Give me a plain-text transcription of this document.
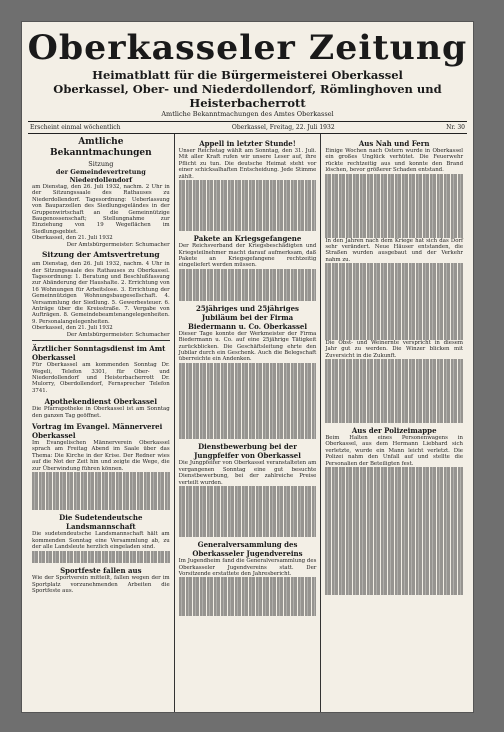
Oberkasseler Zeitung
Heimatblatt für die Bürgermeisterei Oberkassel
Oberkassel, Ober- und Niederdollendorf, Römlinghoven und Heisterbacherrott
Amtliche Bekanntmachungen des Amtes Oberkassel
Erscheint einmal wöchentlich	Oberkassel, Freitag, 22. Juli 1932	Nr. 30
Amtliche Bekanntmachungen
Sitzung
der Gemeindevertretung Niederdollendorf

am Dienstag, den 26. Juli 1932, nachm. 2 Uhr in der Sitzungssaale des Rathauses zu Niederdollendorf. Tagesordnung: Ueberlassung von Bauparzellen des Siedlungsgeländes in der Gruppenwirtschaft an die Gemeinnützige Baugenossenschaft; Stellungnahme zur Einziehung von 19 Wegeflächen im Siedlungsgebiet.

Oberkassel, den 21. Juli 1932
Der Amtsbürgermeister: Schumacher
Sitzung der Amtsvertretung

am Dienstag, den 26. Juli 1932, nachm. 4 Uhr in der Sitzungssaale des Rathauses zu Oberkassel. Tagesordnung: 1. Beratung und Beschlußfassung zur Abänderung der Haushalte. 2. Errichtung von 16 Wohnungen für Arbeitslose. 3. Errichtung der Gemeinnützigen Wohnungsbaugesellschaft. 4. Versammlung der Siedlung. 5. Gewerbesteuer. 6. Anträge über die Kreisstraße. 7. Vergabe von Aufträgen. 8. Gemeindebeamtenangelegenheiten. 9. Personalangelegenheiten.

Oberkassel, den 21. Juli 1932
Der Amtsbürgermeister: Schumacher
Ärztlicher Sonntagsdienst im Amt Oberkassel

Für Oberkassel am kommenden Sonntag Dr. Wegeli, Telefon 3301, für Ober- und Niederdollendorf und Heisterbacherrott Dr. Mulorry, Oberdollendorf, Fernsprecher Telefon 3741.

Apothekendienst Oberkassel

Die Pfarrapotheke in Oberkassel ist am Sonntag den ganzen Tag geöffnet.

Vortrag im Evangel. Männerverei Oberkassel

Im Evangelischen Männerverein Oberkassel sprach am Freitag Abend im Saale über das Thema: Die Kirche in der Krise. Der Redner wies auf die Not der Zeit hin und zeigte die Wege, die zur Überwindung führen können.

Die Sudetendeutsche Landsmannschaft

Die sudetendeutsche Landsmannschaft hält am kommenden Sonntag eine Versammlung ab, zu der alle Landsleute herzlich eingeladen sind.

Sportfeste fallen aus

Wie der Sportverein mitteilt, fallen wegen der im Sportplatz vorzunehmenden Arbeiten die Sportfeste aus.

Appell in letzter Stunde!

Unser Reichstag wählt am Sonntag, den 31. Juli. Mit aller Kraft rufen wir unsere Leser auf, ihre Pflicht zu tun. Die deutsche Heimat steht vor einer schicksalhaften Entscheidung. Jede Stimme zählt.

Pakete an Kriegsgefangene

Der Reichsverband der Kriegsbeschädigten und Kriegsteilnehmer macht darauf aufmerksam, daß Pakete an Kriegsgefangene rechtzeitig eingeliefert werden müssen.

25jähriges und 25jähriges Jubiläum bei der Firma Biedermann u. Co. Oberkassel

Dieser Tage konnte der Werkmeister der Firma Biedermann u. Co. auf eine 25jährige Tätigkeit zurückblicken. Die Geschäftsleitung ehrte den Jubilar durch ein Geschenk. Auch die Belegschaft überreichte ein Andenken.

Dienstbewerbung bei der Jungpfeifer von Oberkassel

Die Jungpfeifer von Oberkassel veranstalteten am vergangenen Sonntag eine gut besuchte Dienstbewerbung, bei der zahlreiche Preise verteilt wurden.

Generalversammlung des Oberkasseler Jugendvereins

Im Jugendheim fand die Generalversammlung des Oberkasseler Jugendvereins statt. Der Vorsitzende erstattete den Jahresbericht.

Aus Nah und Fern

Einige Wochen nach Ostern wurde in Oberkassel ein großes Unglück verhütet. Die Feuerwehr rückte rechtzeitig aus und konnte den Brand löschen, bevor größerer Schaden entstand.

In den Jahren nach dem Kriege hat sich das Dorf sehr verändert. Neue Häuser entstanden, die Straßen wurden ausgebaut und der Verkehr nahm zu.

Die Obst- und Weinernte verspricht in diesem Jahr gut zu werden. Die Winzer blicken mit Zuversicht in die Zukunft.

Aus der Polizeimappe

Beim Halten eines Personenwagens in Oberkassel, aus dem Hermann Liebhard sich verletzte, wurde ein Mann leicht verletzt. Die Polizei nahm den Unfall auf und stellte die Personalien der Beteiligten fest.
